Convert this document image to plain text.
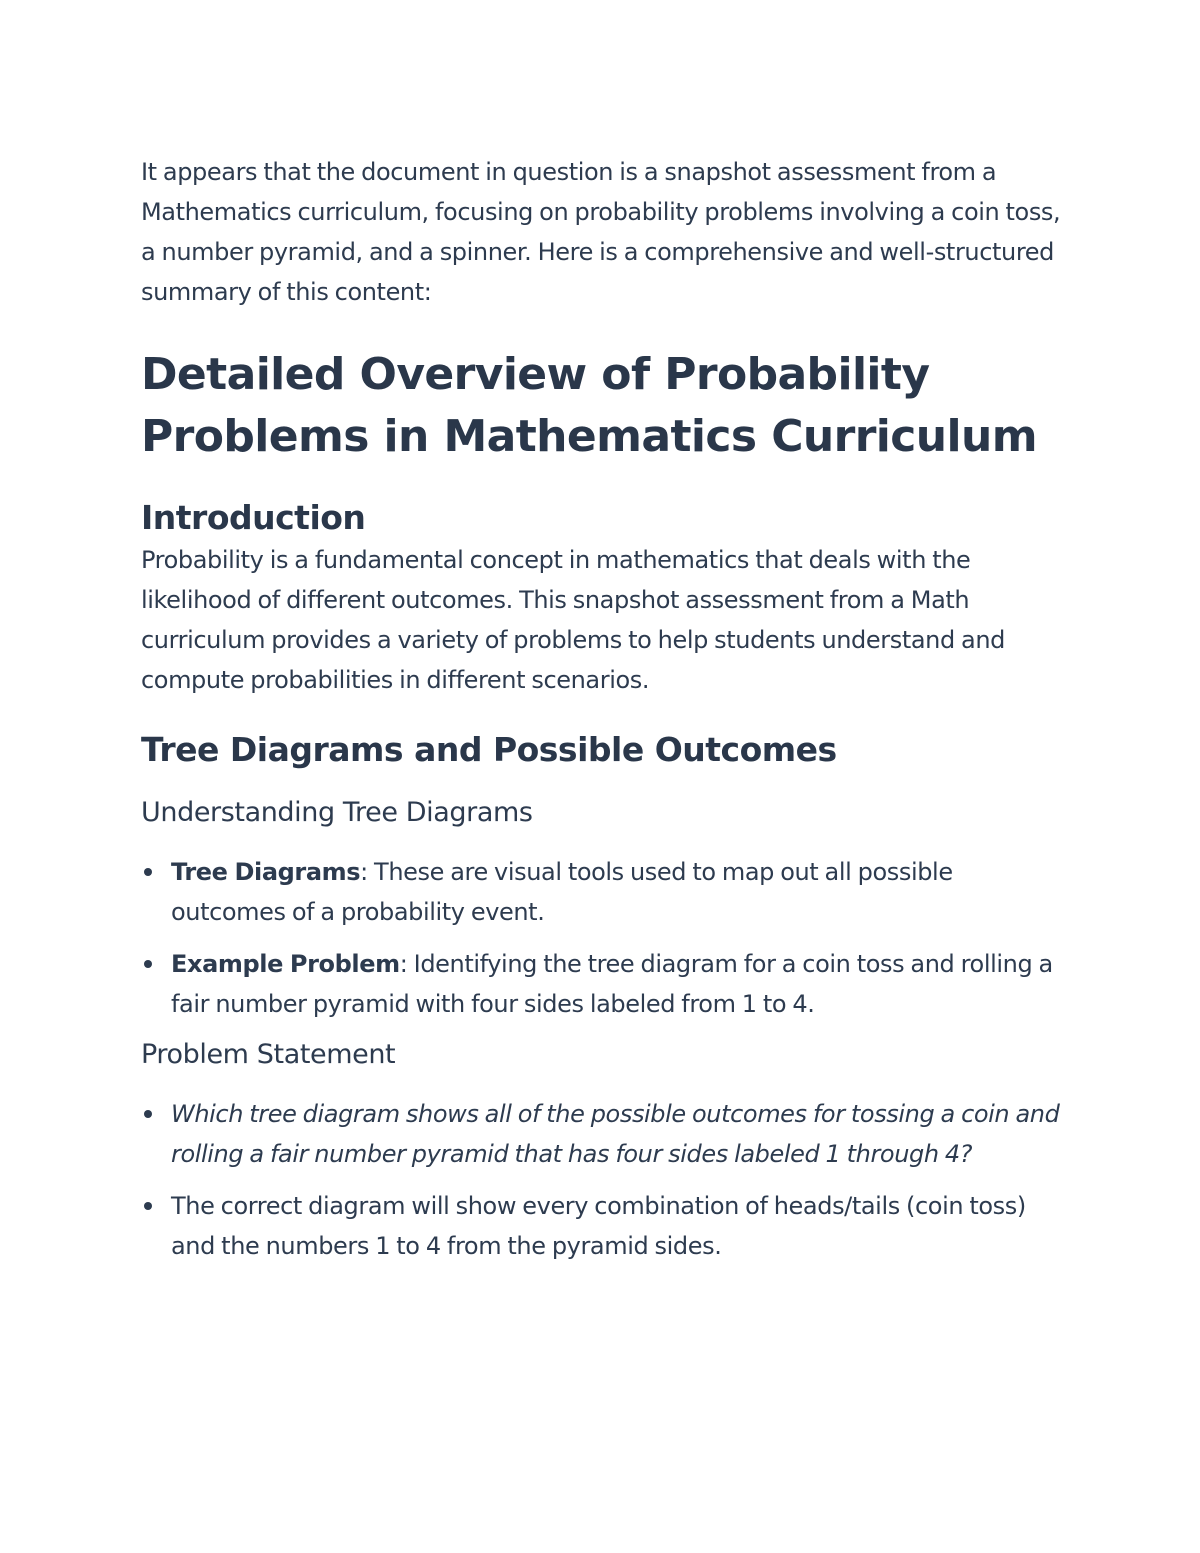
It appears that the document in question is a snapshot assessment from a Mathematics curriculum, focusing on probability problems involving a coin toss, a number pyramid, and a spinner. Here is a comprehensive and well-structured summary of this content:

Detailed Overview of Probability Problems in Mathematics Curriculum
Introduction

Probability is a fundamental concept in mathematics that deals with the likelihood of different outcomes. This snapshot assessment from a Math curriculum provides a variety of problems to help students understand and compute probabilities in different scenarios.

Tree Diagrams and Possible Outcomes
Understanding Tree Diagrams
Tree Diagrams: These are visual tools used to map out all possible outcomes of a probability event.
Example Problem: Identifying the tree diagram for a coin toss and rolling a fair number pyramid with four sides labeled from 1 to 4.
Problem Statement
Which tree diagram shows all of the possible outcomes for tossing a coin and rolling a fair number pyramid that has four sides labeled 1 through 4?
The correct diagram will show every combination of heads/tails (coin toss) and the numbers 1 to 4 from the pyramid sides.
